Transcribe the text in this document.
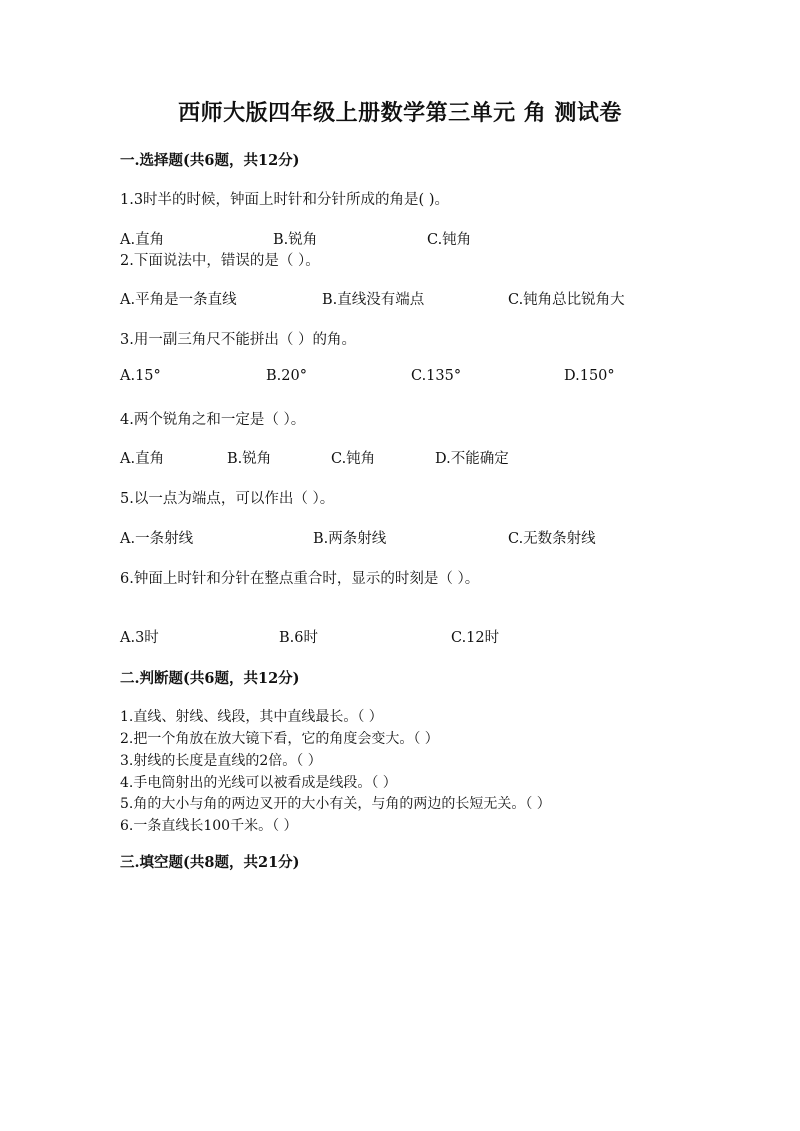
西师大版四年级上册数学第三单元 角 测试卷
一.选择题(共6题，共12分)
1.3时半的时候，钟面上时针和分针所成的角是( )。
A.直角	B.锐角	C.钝角
2.下面说法中，错误的是（ ）。
A.平角是一条直线	B.直线没有端点	C.钝角总比锐角大
3.用一副三角尺不能拼出（ ）的角。
A.15°	B.20°	C.135°	D.150°
4.两个锐角之和一定是（ ）。
A.直角	B.锐角	C.钝角	D.不能确定
5.以一点为端点，可以作出（ ）。
A.一条射线	B.两条射线	C.无数条射线
6.钟面上时针和分针在整点重合时，显示的时刻是（ ）。
A.3时	B.6时	C.12时
二.判断题(共6题，共12分)
1.直线、射线、线段，其中直线最长。（ ）
2.把一个角放在放大镜下看，它的角度会变大。（ ）
3.射线的长度是直线的2倍。（ ）
4.手电筒射出的光线可以被看成是线段。（ ）
5.角的大小与角的两边叉开的大小有关，与角的两边的长短无关。（ ）
6.一条直线长100千米。（ ）
三.填空题(共8题，共21分)
